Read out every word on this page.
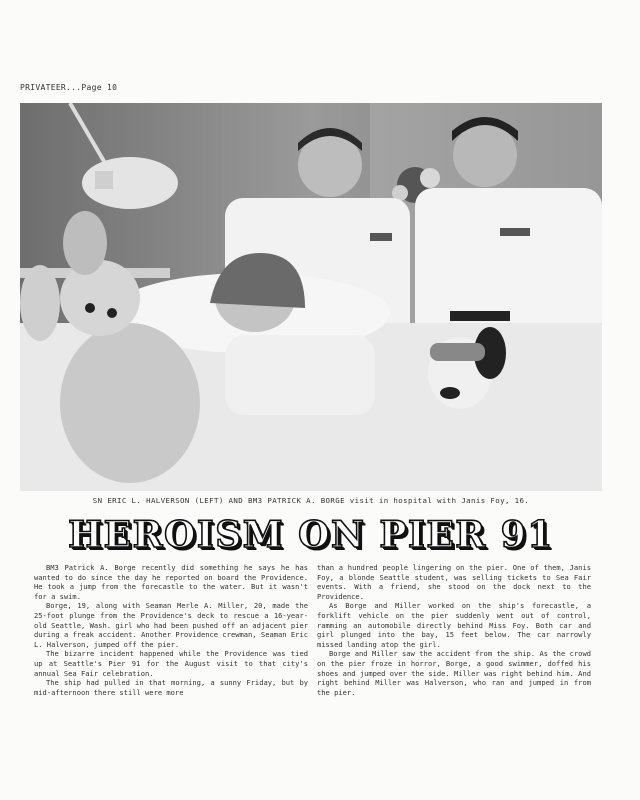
PRIVATEER...Page 10
SN ERIC L. HALVERSON (LEFT) AND BM3 PATRICK A. BORGE visit in hospital with Janis Foy, 16.
HEROISM ON PIER 91

BM3 Patrick A. Borge recently did something he says he has wanted to do since the day he reported on board the Providence. He took a jump from the forecastle to the water. But it wasn't for a swim.

Borge, 19, along with Seaman Merle A. Miller, 20, made the 25-foot plunge from the Providence's deck to rescue a 16-year-old Seattle, Wash. girl who had been pushed off an adjacent pier during a freak accident. Another Providence crewman, Seaman Eric L. Halverson, jumped off the pier.

The bizarre incident happened while the Providence was tied up at Seattle's Pier 91 for the August visit to that city's annual Sea Fair celebration.

The ship had pulled in that morning, a sunny Friday, but by mid-afternoon there still were more

than a hundred people lingering on the pier. One of them, Janis Foy, a blonde Seattle student, was selling tickets to Sea Fair events. With a friend, she stood on the dock next to the Providence.

As Borge and Miller worked on the ship's forecastle, a forklift vehicle on the pier suddenly went out of control, ramming an automobile directly behind Miss Foy. Both car and girl plunged into the bay, 15 feet below. The car narrowly missed landing atop the girl.

Borge and Miller saw the accident from the ship. As the crowd on the pier froze in horror, Borge, a good swimmer, doffed his shoes and jumped over the side. Miller was right behind him. And right behind Miller was Halverson, who ran and jumped in from the pier.
